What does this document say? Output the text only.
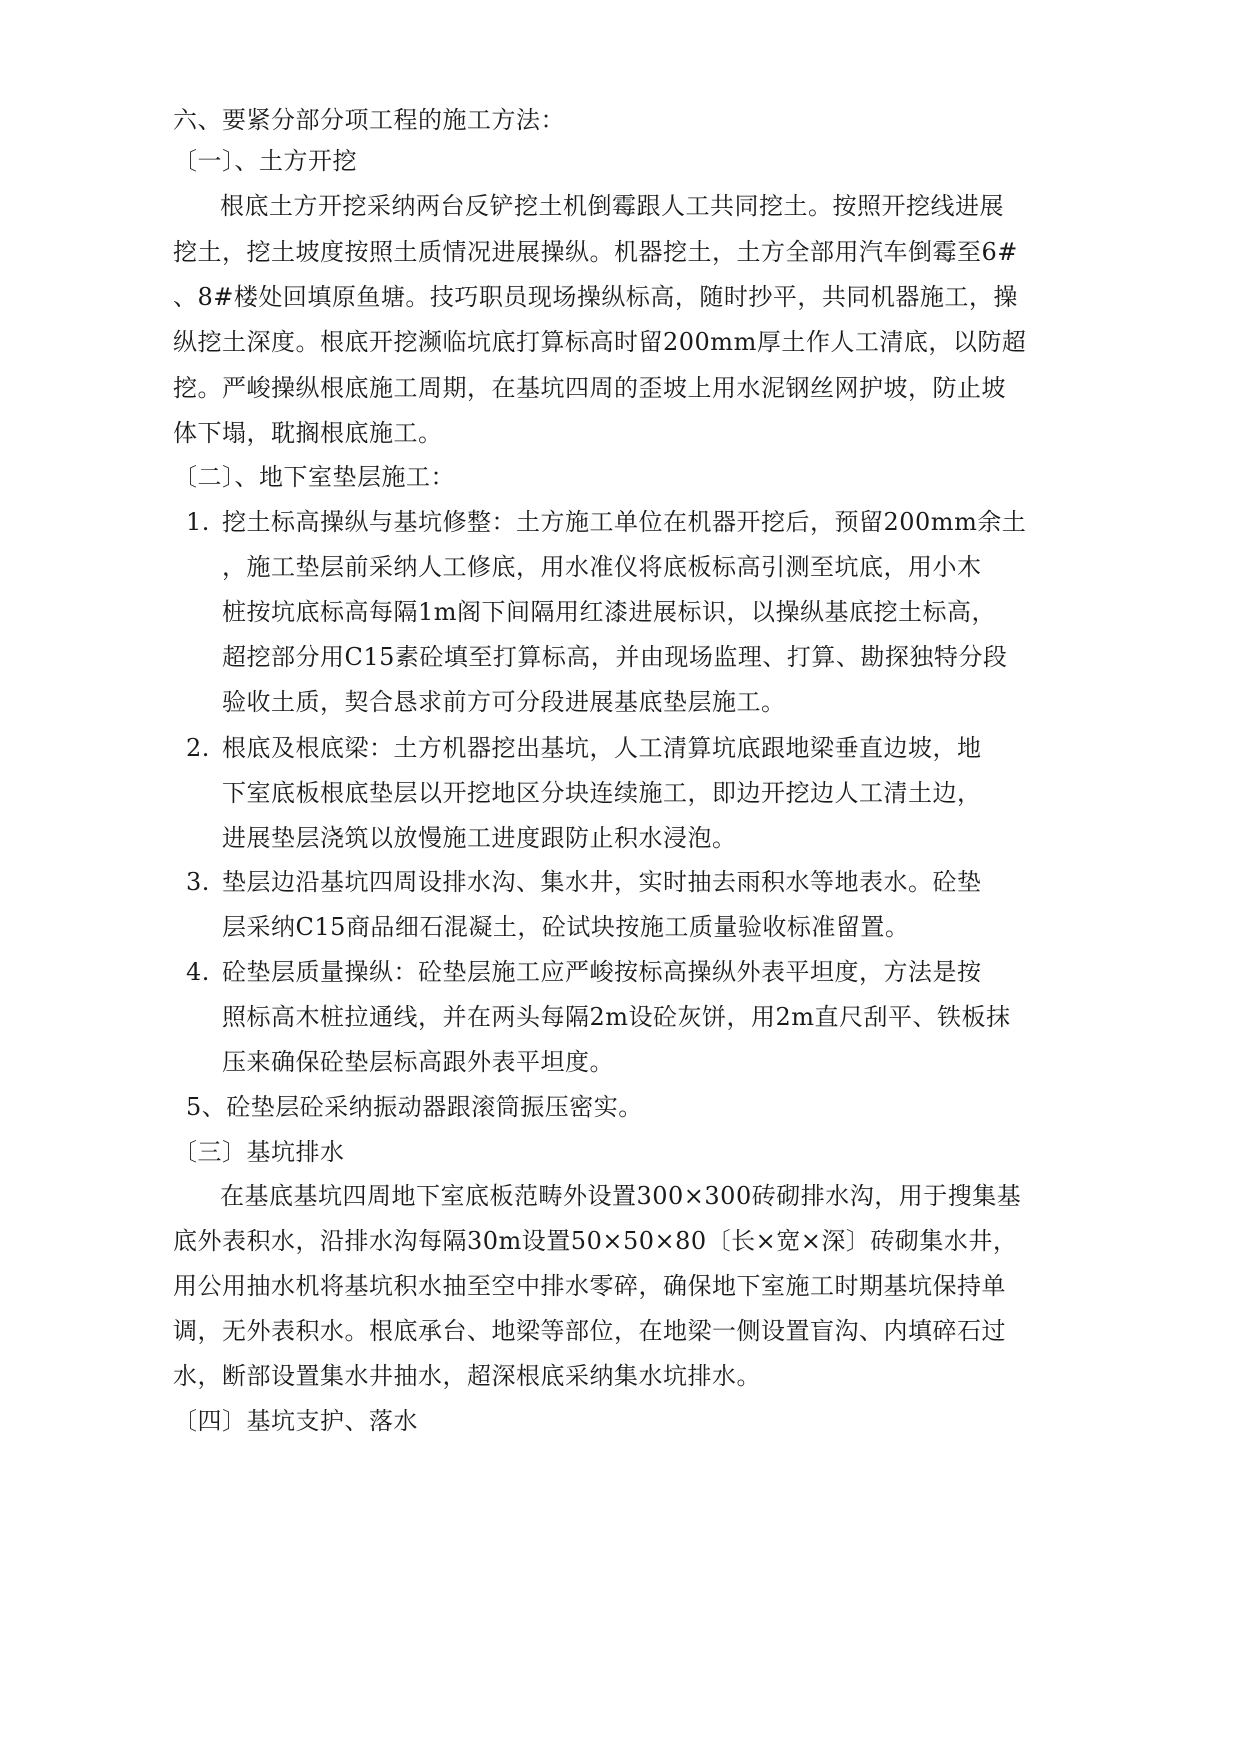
六、要紧分部分项工程的施工方法：
〔一〕、土方开挖
根底土方开挖采纳两台反铲挖土机倒霉跟人工共同挖土。按照开挖线进展
挖土，挖土坡度按照土质情况进展操纵。机器挖土，土方全部用汽车倒霉至6#
、8#楼处回填原鱼塘。技巧职员现场操纵标高，随时抄平，共同机器施工，操
纵挖土深度。根底开挖濒临坑底打算标高时留200mm厚土作人工清底，以防超
挖。严峻操纵根底施工周期，在基坑四周的歪坡上用水泥钢丝网护坡，防止坡
体下塌，耽搁根底施工。
〔二〕、地下室垫层施工：
1. 挖土标高操纵与基坑修整：土方施工单位在机器开挖后，预留200mm余土
，施工垫层前采纳人工修底，用水准仪将底板标高引测至坑底，用小木
桩按坑底标高每隔1m阁下间隔用红漆进展标识，以操纵基底挖土标高，
超挖部分用C15素砼填至打算标高，并由现场监理、打算、勘探独特分段
验收土质，契合恳求前方可分段进展基底垫层施工。
2. 根底及根底梁：土方机器挖出基坑，人工清算坑底跟地梁垂直边坡，地
下室底板根底垫层以开挖地区分块连续施工，即边开挖边人工清土边，
进展垫层浇筑以放慢施工进度跟防止积水浸泡。
3. 垫层边沿基坑四周设排水沟、集水井，实时抽去雨积水等地表水。砼垫
层采纳C15商品细石混凝土，砼试块按施工质量验收标准留置。
4. 砼垫层质量操纵：砼垫层施工应严峻按标高操纵外表平坦度，方法是按
照标高木桩拉通线，并在两头每隔2m设砼灰饼，用2m直尺刮平、铁板抹
压来确保砼垫层标高跟外表平坦度。
5、砼垫层砼采纳振动器跟滚筒振压密实。
〔三〕基坑排水
在基底基坑四周地下室底板范畴外设置300×300砖砌排水沟，用于搜集基
底外表积水，沿排水沟每隔30m设置50×50×80〔长×宽×深〕砖砌集水井，
用公用抽水机将基坑积水抽至空中排水零碎，确保地下室施工时期基坑保持单
调，无外表积水。根底承台、地梁等部位，在地梁一侧设置盲沟、内填碎石过
水，断部设置集水井抽水，超深根底采纳集水坑排水。
〔四〕基坑支护、落水
